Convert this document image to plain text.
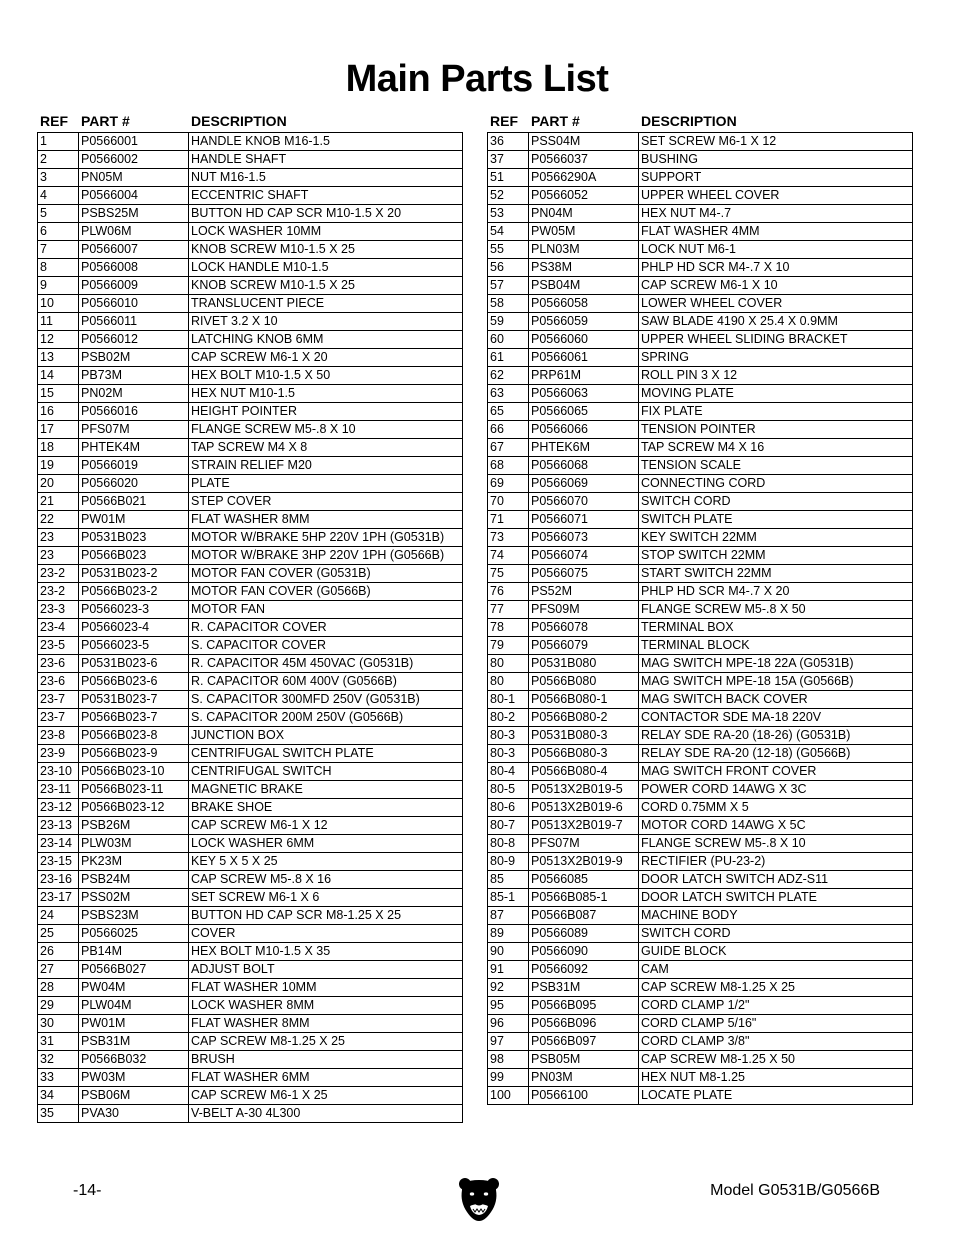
Main Parts List
REF PART #	DESCRIPTION
1	P0566001	HANDLE KNOB M16-1.5
2	P0566002	HANDLE SHAFT
3	PN05M	NUT M16-1.5
4	P0566004	ECCENTRIC SHAFT
5	PSBS25M	BUTTON HD CAP SCR M10-1.5 X 20
6	PLW06M	LOCK WASHER 10MM
7	P0566007	KNOB SCREW M10-1.5 X 25
8	P0566008	LOCK HANDLE M10-1.5
9	P0566009	KNOB SCREW M10-1.5 X 25
10	P0566010	TRANSLUCENT PIECE
11	P0566011	RIVET 3.2 X 10
12	P0566012	LATCHING KNOB 6MM
13	PSB02M	CAP SCREW M6-1 X 20
14	PB73M	HEX BOLT M10-1.5 X 50
15	PN02M	HEX NUT M10-1.5
16	P0566016	HEIGHT POINTER
17	PFS07M	FLANGE SCREW M5-.8 X 10
18	PHTEK4M	TAP SCREW M4 X 8
19	P0566019	STRAIN RELIEF M20
20	P0566020	PLATE
21	P0566B021	STEP COVER
22	PW01M	FLAT WASHER 8MM
23	P0531B023	MOTOR W/BRAKE 5HP 220V 1PH (G0531B)
23	P0566B023	MOTOR W/BRAKE 3HP 220V 1PH (G0566B)
23-2	P0531B023-2	MOTOR FAN COVER (G0531B)
23-2	P0566B023-2	MOTOR FAN COVER (G0566B)
23-3	P0566023-3	MOTOR FAN
23-4	P0566023-4	R. CAPACITOR COVER
23-5	P0566023-5	S. CAPACITOR COVER
23-6	P0531B023-6	R. CAPACITOR 45M 450VAC (G0531B)
23-6	P0566B023-6	R. CAPACITOR 60M 400V (G0566B)
23-7	P0531B023-7	S. CAPACITOR 300MFD 250V (G0531B)
23-7	P0566B023-7	S. CAPACITOR 200M 250V (G0566B)
23-8	P0566B023-8	JUNCTION BOX
23-9	P0566B023-9	CENTRIFUGAL SWITCH PLATE
23-10	P0566B023-10	CENTRIFUGAL SWITCH
23-11	P0566B023-11	MAGNETIC BRAKE
23-12	P0566B023-12	BRAKE SHOE
23-13	PSB26M	CAP SCREW M6-1 X 12
23-14	PLW03M	LOCK WASHER 6MM
23-15	PK23M	KEY 5 X 5 X 25
23-16	PSB24M	CAP SCREW M5-.8 X 16
23-17	PSS02M	SET SCREW M6-1 X 6
24	PSBS23M	BUTTON HD CAP SCR M8-1.25 X 25
25	P0566025	COVER
26	PB14M	HEX BOLT M10-1.5 X 35
27	P0566B027	ADJUST BOLT
28	PW04M	FLAT WASHER 10MM
29	PLW04M	LOCK WASHER 8MM
30	PW01M	FLAT WASHER 8MM
31	PSB31M	CAP SCREW M8-1.25 X 25
32	P0566B032	BRUSH
33	PW03M	FLAT WASHER 6MM
34	PSB06M	CAP SCREW M6-1 X 25
35	PVA30	V-BELT A-30 4L300
REF PART #	DESCRIPTION
36	PSS04M	SET SCREW M6-1 X 12
37	P0566037	BUSHING
51	P0566290A	SUPPORT
52	P0566052	UPPER WHEEL COVER
53	PN04M	HEX NUT M4-.7
54	PW05M	FLAT WASHER 4MM
55	PLN03M	LOCK NUT M6-1
56	PS38M	PHLP HD SCR M4-.7 X 10
57	PSB04M	CAP SCREW M6-1 X 10
58	P0566058	LOWER WHEEL COVER
59	P0566059	SAW BLADE 4190 X 25.4 X 0.9MM
60	P0566060	UPPER WHEEL SLIDING BRACKET
61	P0566061	SPRING
62	PRP61M	ROLL PIN 3 X 12
63	P0566063	MOVING PLATE
65	P0566065	FIX PLATE
66	P0566066	TENSION POINTER
67	PHTEK6M	TAP SCREW M4 X 16
68	P0566068	TENSION SCALE
69	P0566069	CONNECTING CORD
70	P0566070	SWITCH CORD
71	P0566071	SWITCH PLATE
73	P0566073	KEY SWITCH 22MM
74	P0566074	STOP SWITCH 22MM
75	P0566075	START SWITCH 22MM
76	PS52M	PHLP HD SCR M4-.7 X 20
77	PFS09M	FLANGE SCREW M5-.8 X 50
78	P0566078	TERMINAL BOX
79	P0566079	TERMINAL BLOCK
80	P0531B080	MAG SWITCH MPE-18 22A (G0531B)
80	P0566B080	MAG SWITCH MPE-18 15A (G0566B)
80-1	P0566B080-1	MAG SWITCH BACK COVER
80-2	P0566B080-2	CONTACTOR SDE MA-18 220V
80-3	P0531B080-3	RELAY SDE RA-20 (18-26) (G0531B)
80-3	P0566B080-3	RELAY SDE RA-20 (12-18) (G0566B)
80-4	P0566B080-4	MAG SWITCH FRONT COVER
80-5	P0513X2B019-5	POWER CORD 14AWG X 3C
80-6	P0513X2B019-6	CORD 0.75MM X 5
80-7	P0513X2B019-7	MOTOR CORD 14AWG X 5C
80-8	PFS07M	FLANGE SCREW M5-.8 X 10
80-9	P0513X2B019-9	RECTIFIER (PU-23-2)
85	P0566085	DOOR LATCH SWITCH ADZ-S11
85-1	P0566B085-1	DOOR LATCH SWITCH PLATE
87	P0566B087	MACHINE BODY
89	P0566089	SWITCH CORD
90	P0566090	GUIDE BLOCK
91	P0566092	CAM
92	PSB31M	CAP SCREW M8-1.25 X 25
95	P0566B095	CORD CLAMP 1/2"
96	P0566B096	CORD CLAMP 5/16"
97	P0566B097	CORD CLAMP 3/8"
98	PSB05M	CAP SCREW M8-1.25 X 50
99	PN03M	HEX NUT M8-1.25
100	P0566100	LOCATE PLATE
-14-	Model G0531B/G0566B
